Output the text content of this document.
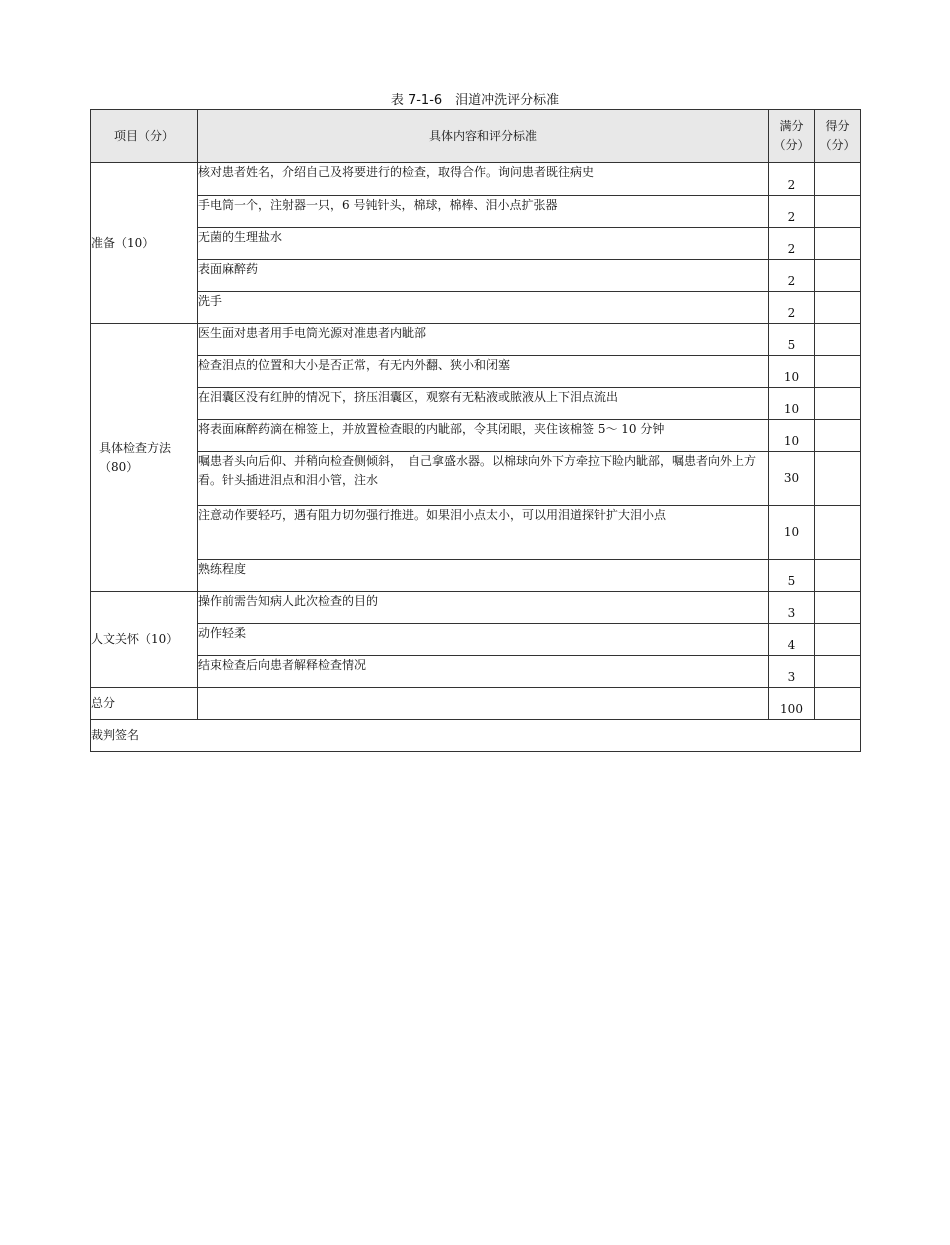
表 7-1-6　泪道冲洗评分标准
项目（分）	具体内容和评分标准	满分（分）	得分（分）
准备（10）	核对患者姓名，介绍自己及将要进行的检查，取得合作。询问患者既往病史	2	
	手电筒一个，注射器一只，6 号钝针头，棉球，棉棒、泪小点扩张器	2	
	无菌的生理盐水	2	
	表面麻醉药	2	
	洗手	2	

具体检查方法（80）	医生面对患者用手电筒光源对准患者内眦部	5	
	检查泪点的位置和大小是否正常，有无内外翻、狭小和闭塞	10	
	在泪囊区没有红肿的情况下，挤压泪囊区，观察有无粘液或脓液从上下泪点流出	10	
	将表面麻醉药滴在棉签上，并放置检查眼的内眦部，令其闭眼，夹住该棉签 5～ 10 分钟	10	
	嘱患者头向后仰、并稍向检查侧倾斜，　自己拿盛水器。以棉球向外下方牵拉下睑内眦部，嘱患者向外上方看。针头插进泪点和泪小管，注水	30	
	注意动作要轻巧，遇有阻力切勿强行推进。如果泪小点太小，可以用泪道探针扩大泪小点	10	
	熟练程度	5	
人文关怀（10）	操作前需告知病人此次检查的目的	3	
	动作轻柔	4	
	结束检查后向患者解释检查情况	3	
总分		100	
裁判签名			
